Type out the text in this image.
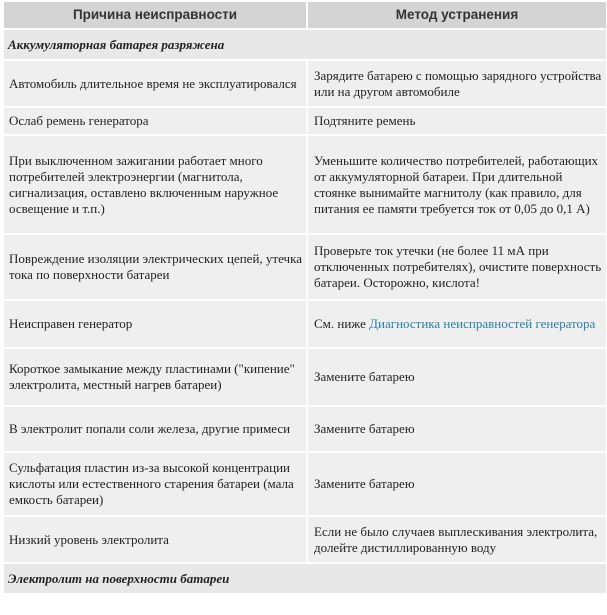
Причина неисправности	Метод устранения
Аккумуляторная батарея разряжена	
Автомобиль длительное время не эксплуатировался	Зарядите батарею с помощью зарядного устройства или на другом автомобиле
Ослаб ремень генератора	Подтяните ремень
При выключенном зажигании работает много потребителей электроэнергии (магнитола, сигнализация, оставлено включенным наружное освещение и т.п.)	Уменьшите количество потребителей, работающих от аккумуляторной батареи. При длительной стоянке вынимайте магнитолу (как правило, для питания ее памяти требуется ток от 0,05 до 0,1 А)
Повреждение изоляции электрических цепей, утечка тока по поверхности батареи	Проверьте ток утечки (не более 11 мА при отключенных потребителях), очистите поверхность батареи. Осторожно, кислота!
Неисправен генератор	См. ниже Диагностика неисправностей генератора
Короткое замыкание между пластинами ("кипение" электролита, местный нагрев батареи)	Замените батарею
В электролит попали соли железа, другие примеси	Замените батарею
Сульфатация пластин из-за высокой концентрации кислоты или естественного старения батареи (мала емкость батареи)	Замените батарею
Низкий уровень электролита	Если не было случаев выплескивания электролита, долейте дистиллированную воду
Электролит на поверхности батареи	
